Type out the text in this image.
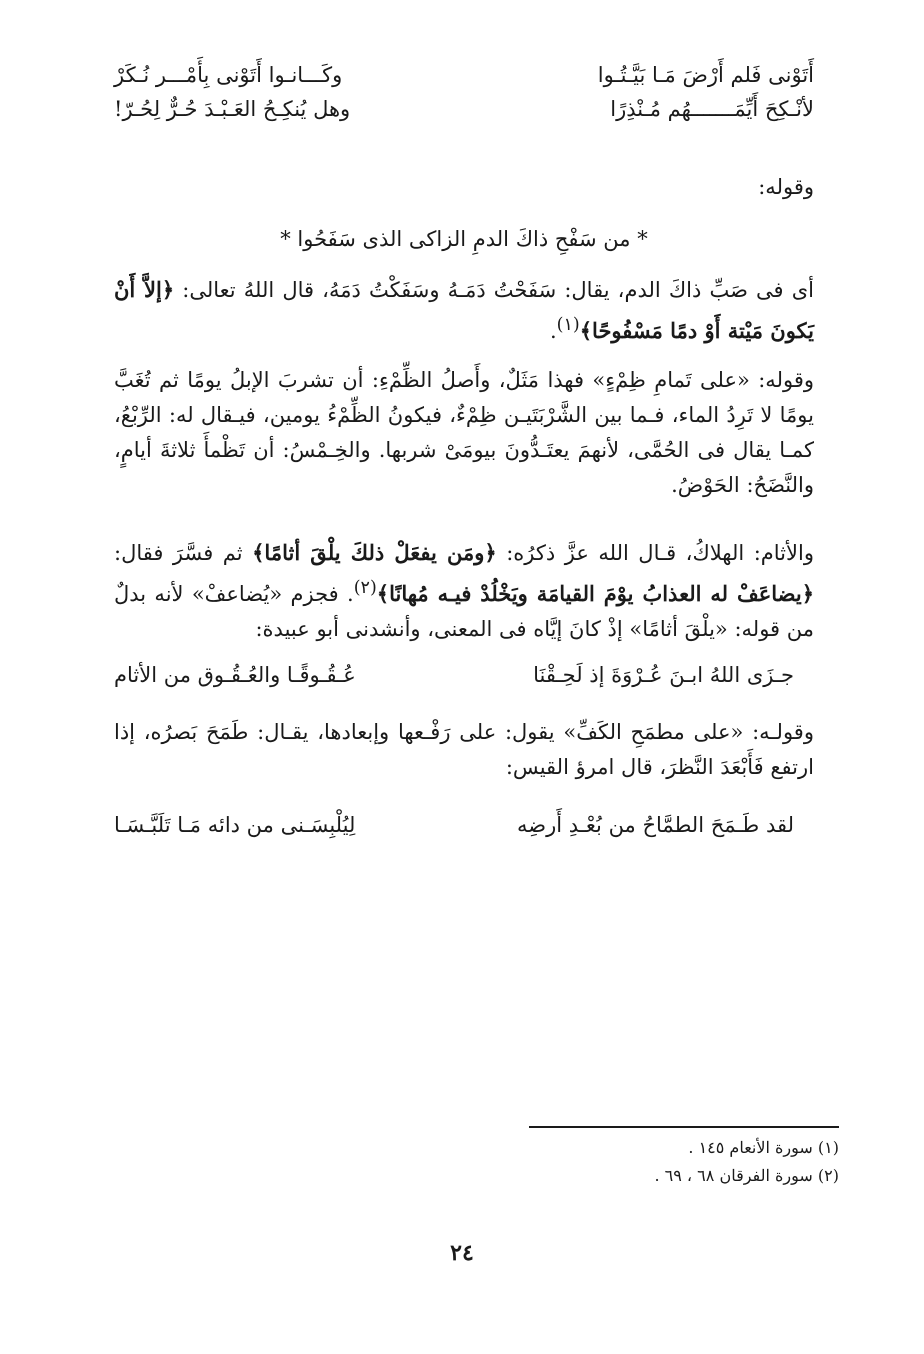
أَتَوْنى فَلم أَرْضَ مَـا بَيَّـتُـوا
وكَـــانـوا أَتَوْنى بِأَمْـــر نُـكَرْ
لأنْـكِحَ أَيِّمَـــــــهُم مُـنْذِرًا
وهل يُنكِـحُ العَـبْـدَ حُـرٌّ لِحُـرّ!
وقوله:
* من سَفْحِ ذاكَ الدمِ الزاكى الذى سَفَحُوا *
أى فى صَبِّ ذاكَ الدم، يقال: سَفَحْتُ دَمَـهُ وسَفَكْتُ دَمَهُ، قال اللهُ تعالى: ﴿إلاَّ أَنْ يَكونَ مَيْتة أَوْ دمًا مَسْفُوحًا﴾$^{(١)}$.
وقوله: «على تَمامِ ظِمْءٍ» فهذا مَثَلٌ، وأَصلُ الظِّمْءِ: أن تشربَ الإبلُ يومًا ثم تُغَبَّ يومًا لا تَرِدُ الماء، فـما بين الشَّرْبَتَيـن ظِمْءٌ، فيكونُ الظِّمْءُ يومين، فيـقال له: الرِّبْعُ، كمـا يقال فى الحُمَّى، لأنهمَ يعتَـدُّونَ بيومَىْ شربها. والخِـمْسُ: أن تَظْمأَ ثلاثةَ أيامٍ، والنَّضَحُ: الحَوْضُ.
والأثام: الهلاكُ، قـال الله عزَّ ذكرُه: ﴿ومَن يفعَلْ ذلكَ يلْقَ أثامًا﴾ ثم فسَّرَ فقال: ﴿يضاعَفْ له العذابُ يوْمَ القيامَة ويَخْلُدْ فيـه مُهانًا﴾$^{(٢)}$. فجزم «يُضاعفْ» لأنه بدلٌ من قوله: «يلْقَ أثامًا» إذْ كانَ إيَّاه فى المعنى، وأنشدنى أبو عبيدة:
جـزَى اللهُ ابـنَ عُـرْوَةَ إذ لَحِـقْنَا
عُـقُـوقًـا والعُـقُـوق من الأثام
وقولـه: «على مطمَحِ الكَفِّ» يقول: على رَفْـعها وإبعادها، يقـال: طَمَحَ بَصرُه، إذا ارتفع فَأَبْعَدَ النَّظرَ، قال امرؤ القيس:
لقد طَـمَحَ الطمَّاحُ من بُعْـدِ أَرضِه
لِيُلْبِسَـنى من دائه مَـا تَلَبَّـسَـا
(١) سورة الأنعام ١٤٥ .
(٢) سورة الفرقان ٦٨ ، ٦٩ .
٢٤
